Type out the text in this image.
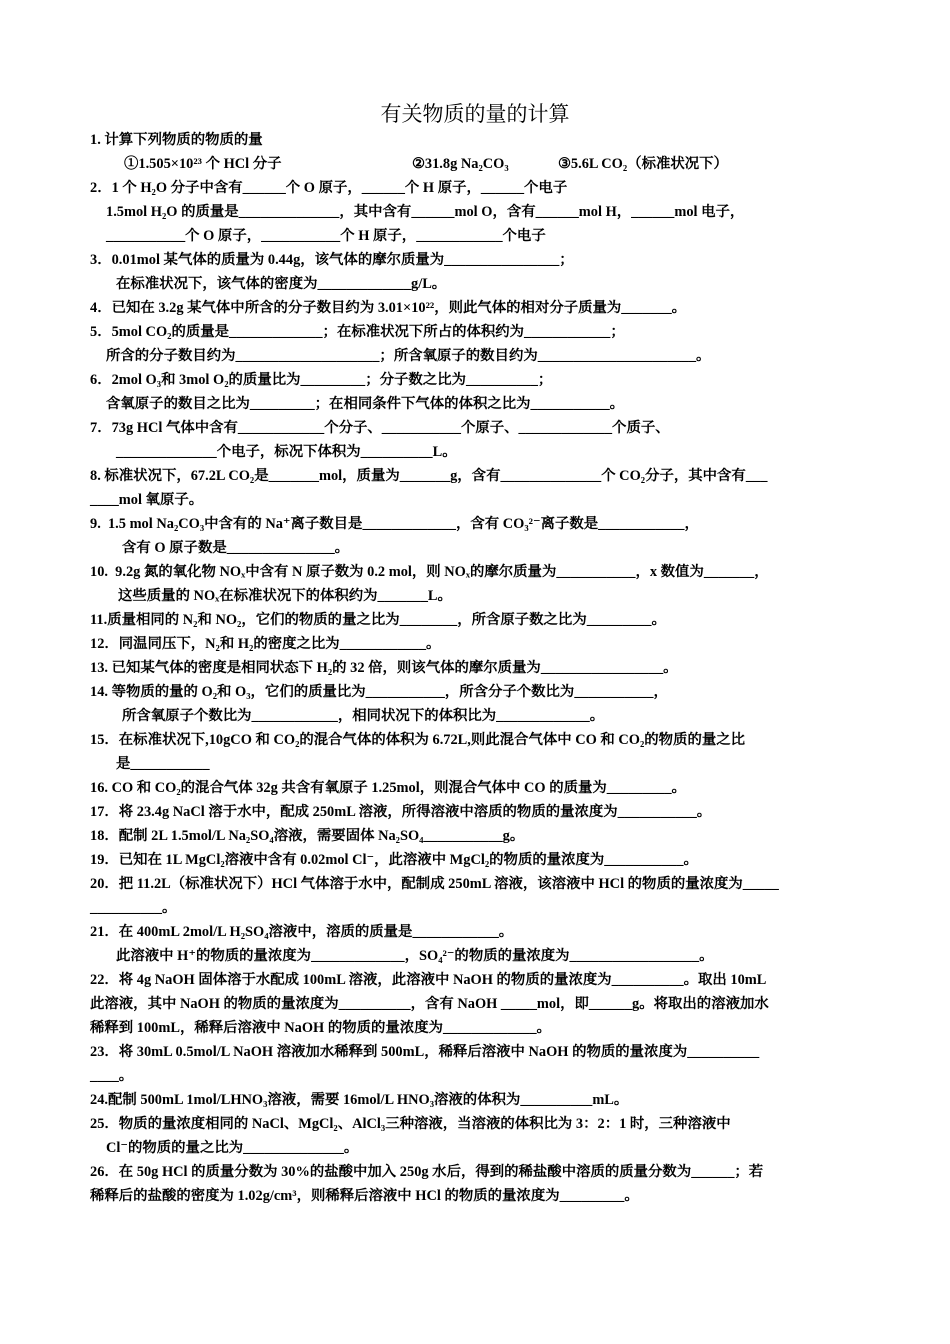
有关物质的量的计算
1. 计算下列物质的物质的量
①1.505×10²³ 个 HCl 分子	②31.8g Na₂CO₃	③5.6L CO₂（标准状况下）
2．1 个 H₂O 分子中含有______个 O 原子，______个 H 原子，______个电子
1.5mol H₂O 的质量是______________，其中含有______mol O，含有______mol H，______mol 电子，
___________个 O 原子，___________个 H 原子，____________个电子
3．0.01mol 某气体的质量为 0.44g，该气体的摩尔质量为________________；
在标准状况下，该气体的密度为_____________g/L。
4．已知在 3.2g 某气体中所含的分子数目约为 3.01×10²²，则此气体的相对分子质量为_______。
5．5mol CO₂的质量是_____________；在标准状况下所占的体积约为____________；
所含的分子数目约为____________________；所含氧原子的数目约为______________________。
6．2mol O₃和 3mol O₂的质量比为_________；分子数之比为__________；
含氧原子的数目之比为_________；在相同条件下气体的体积之比为___________。
7．73g HCl 气体中含有____________个分子、___________个原子、_____________个质子、
______________个电子，标况下体积为__________L。
8. 标准状况下，67.2L CO₂是_______mol，质量为_______g，含有______________个 CO₂分子，其中含有___
____mol 氧原子。
9.  1.5 mol Na₂CO₃中含有的 Na⁺离子数目是_____________，含有 CO₃²⁻离子数是____________，
含有 O 原子数是_______________。
10.  9.2g 氮的氧化物 NOₓ中含有 N 原子数为 0.2 mol，则 NOₓ的摩尔质量为___________，x 数值为_______，
这些质量的 NOₓ在标准状况下的体积约为_______L。
11.质量相同的 N₂和 NO₂，它们的物质的量之比为________，所含原子数之比为_________。
12．同温同压下，N₂和 H₂的密度之比为____________。
13. 已知某气体的密度是相同状态下 H₂的 32 倍，则该气体的摩尔质量为_________________。
14. 等物质的量的 O₂和 O₃，它们的质量比为___________，所含分子个数比为___________，
所含氧原子个数比为____________，相同状况下的体积比为_____________。
15．在标准状况下,10gCO 和 CO₂的混合气体的体积为 6.72L,则此混合气体中 CO 和 CO₂的物质的量之比
是___________
16. CO 和 CO₂的混合气体 32g 共含有氧原子 1.25mol，则混合气体中 CO 的质量为_________。
17．将 23.4g NaCl 溶于水中，配成 250mL 溶液，所得溶液中溶质的物质的量浓度为___________。
18．配制 2L 1.5mol/L Na₂SO₄溶液，需要固体 Na₂SO₄___________g。
19．已知在 1L MgCl₂溶液中含有 0.02mol Cl⁻，此溶液中 MgCl₂的物质的量浓度为___________。
20．把 11.2L（标准状况下）HCl 气体溶于水中，配制成 250mL 溶液，该溶液中 HCl 的物质的量浓度为_____
__________。
21．在 400mL 2mol/L H₂SO₄溶液中，溶质的质量是____________。
此溶液中 H⁺的物质的量浓度为_____________，SO₄²⁻的物质的量浓度为__________________。
22．将 4g NaOH 固体溶于水配成 100mL 溶液，此溶液中 NaOH 的物质的量浓度为__________。取出 10mL
此溶液，其中 NaOH 的物质的量浓度为__________，含有 NaOH _____mol，即______g。将取出的溶液加水
稀释到 100mL，稀释后溶液中 NaOH 的物质的量浓度为_____________。
23．将 30mL 0.5mol/L NaOH 溶液加水稀释到 500mL，稀释后溶液中 NaOH 的物质的量浓度为__________
____。
24.配制 500mL 1mol/LHNO₃溶液，需要 16mol/L HNO₃溶液的体积为__________mL。
25．物质的量浓度相同的 NaCl、MgCl₂、AlCl₃三种溶液，当溶液的体积比为 3：2：1 时，三种溶液中
Cl⁻的物质的量之比为______________。
26．在 50g HCl 的质量分数为 30%的盐酸中加入 250g 水后，得到的稀盐酸中溶质的质量分数为______；若
稀释后的盐酸的密度为 1.02g/cm³，则稀释后溶液中 HCl 的物质的量浓度为_________。
